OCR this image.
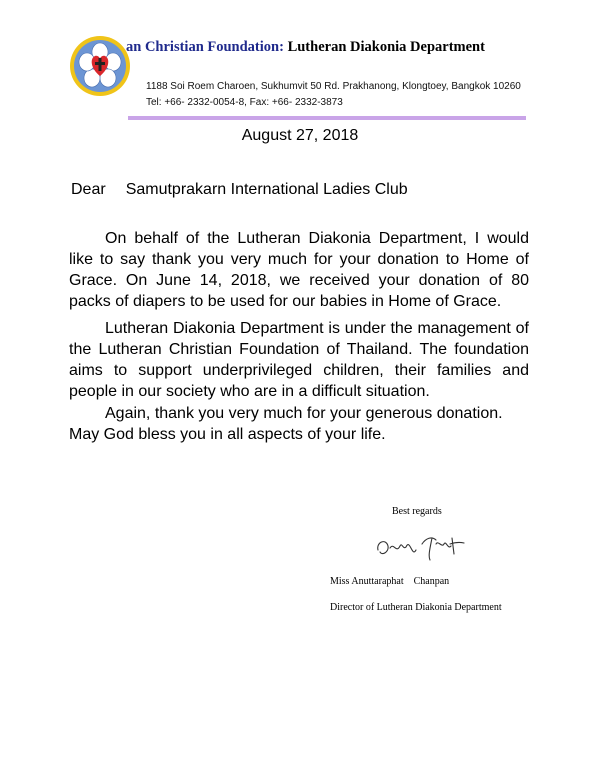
an Christian Foundation: Lutheran Diakonia Department
1188 Soi Roem Charoen, Sukhumvit 50 Rd. Prakhanong, Klongtoey, Bangkok 10260
Tel: +66- 2332-0054-8, Fax: +66- 2332-3873
August 27, 2018
Dear Samutprakarn International Ladies Club
On behalf of the Lutheran Diakonia Department, I would like to say thank you very much for your donation to Home of Grace. On June 14, 2018, we received your donation of 80 packs of diapers to be used for our babies in Home of Grace.
Lutheran Diakonia Department is under the management of the Lutheran Christian Foundation of Thailand. The foundation aims to support underprivileged children, their families and people in our society who are in a difficult situation.
Again, thank you very much for your generous donation. May God bless you in all aspects of your life.
Best regards
Miss Anuttaraphat    Chanpan
Director of Lutheran Diakonia Department
